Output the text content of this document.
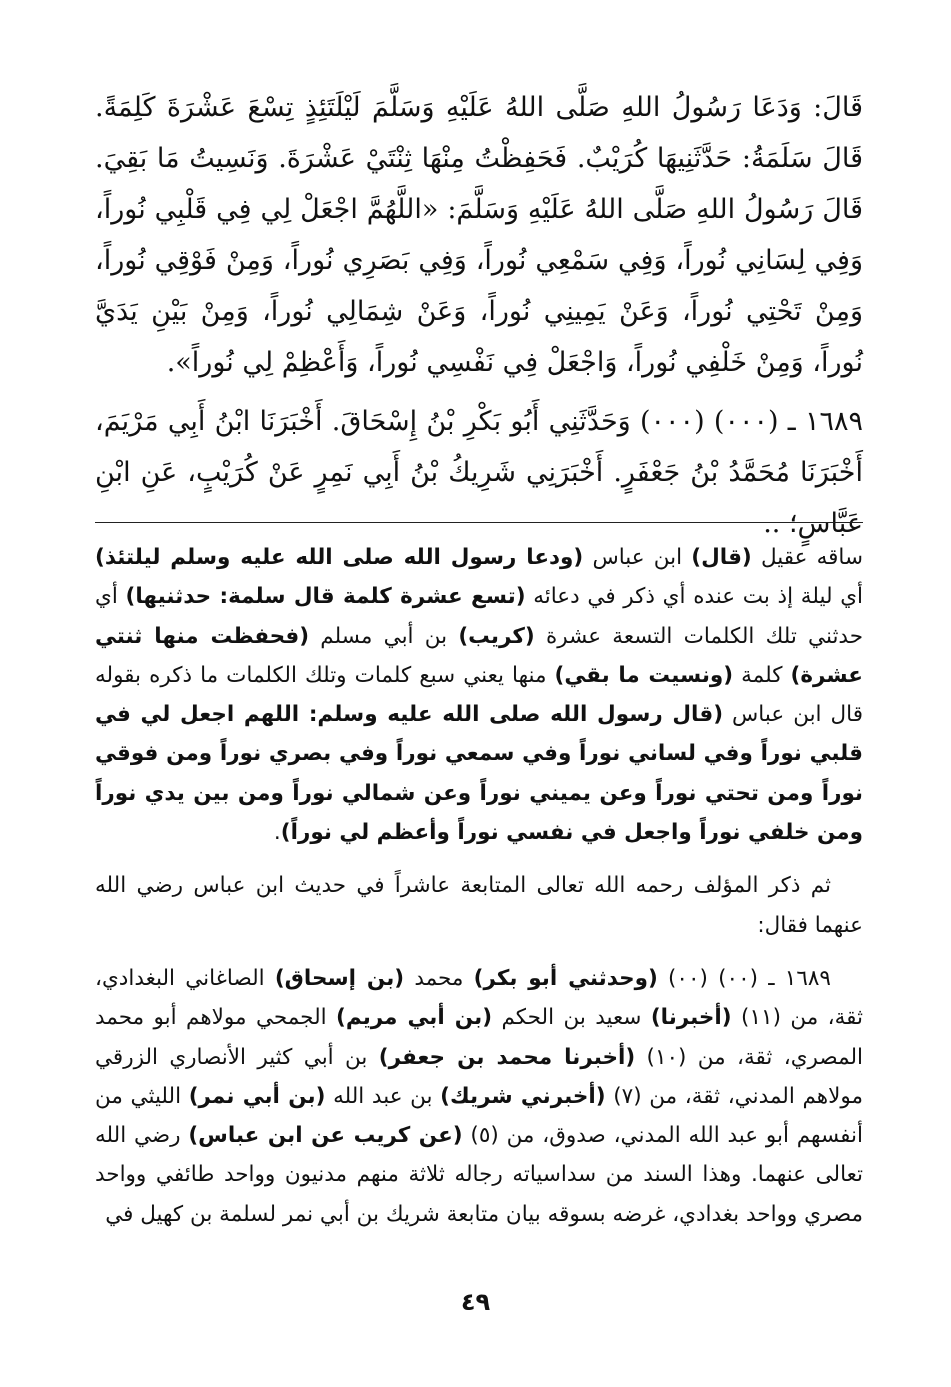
قَالَ: وَدَعَا رَسُولُ اللهِ صَلَّى اللهُ عَلَيْهِ وَسَلَّمَ لَيْلَتَئِذٍ تِسْعَ عَشْرَةَ كَلِمَةً. قَالَ سَلَمَةُ: حَدَّثَنِيهَا كُرَيْبٌ. فَحَفِظْتُ مِنْهَا ثِنْتَيْ عَشْرَةَ. وَنَسِيتُ مَا بَقِيَ. قَالَ رَسُولُ اللهِ صَلَّى اللهُ عَلَيْهِ وَسَلَّمَ: «اللَّهُمَّ اجْعَلْ لِي فِي قَلْبِي نُوراً، وَفِي لِسَانِي نُوراً، وَفِي سَمْعِي نُوراً، وَفِي بَصَرِي نُوراً، وَمِنْ فَوْقِي نُوراً، وَمِنْ تَحْتِي نُوراً، وَعَنْ يَمِينِي نُوراً، وَعَنْ شِمَالِي نُوراً، وَمِنْ بَيْنِ يَدَيَّ نُوراً، وَمِنْ خَلْفِي نُوراً، وَاجْعَلْ فِي نَفْسِي نُوراً، وَأَعْظِمْ لِي نُوراً».

١٦٨٩ ـ (٠٠٠) (٠٠٠) وَحَدَّثَنِي أَبُو بَكْرِ بْنُ إِسْحَاقَ. أَخْبَرَنَا ابْنُ أَبِي مَرْيَمَ، أَخْبَرَنَا مُحَمَّدُ بْنُ جَعْفَرٍ. أَخْبَرَنِي شَرِيكُ بْنُ أَبِي نَمِرٍ عَنْ كُرَيْبٍ، عَنِ ابْنِ عَبَّاسٍ؛ ..

ساقه عقيل (قال) ابن عباس (ودعا رسول الله صلى الله عليه وسلم ليلتئذ) أي ليلة إذ بت عنده أي ذكر في دعائه (تسع عشرة كلمة قال سلمة: حدثنيها) أي حدثني تلك الكلمات التسعة عشرة (كريب) بن أبي مسلم (فحفظت منها ثنتي عشرة) كلمة (ونسيت ما بقي) منها يعني سبع كلمات وتلك الكلمات ما ذكره بقوله قال ابن عباس (قال رسول الله صلى الله عليه وسلم: اللهم اجعل لي في قلبي نوراً وفي لساني نوراً وفي سمعي نوراً وفي بصري نوراً ومن فوقي نوراً ومن تحتي نوراً وعن يميني نوراً وعن شمالي نوراً ومن بين يدي نوراً ومن خلفي نوراً واجعل في نفسي نوراً وأعظم لي نوراً).

ثم ذكر المؤلف رحمه الله تعالى المتابعة عاشراً في حديث ابن عباس رضي الله عنهما فقال:

١٦٨٩ ـ (٠٠) (٠٠) (وحدثني أبو بكر) محمد (بن إسحاق) الصاغاني البغدادي، ثقة، من (١١) (أخبرنا) سعيد بن الحكم (بن أبي مريم) الجمحي مولاهم أبو محمد المصري، ثقة، من (١٠) (أخبرنا محمد بن جعفر) بن أبي كثير الأنصاري الزرقي مولاهم المدني، ثقة، من (٧) (أخبرني شريك) بن عبد الله (بن أبي نمر) الليثي من أنفسهم أبو عبد الله المدني، صدوق، من (٥) (عن كريب عن ابن عباس) رضي الله تعالى عنهما. وهذا السند من سداسياته رجاله ثلاثة منهم مدنيون وواحد طائفي وواحد مصري وواحد بغدادي، غرضه بسوقه بيان متابعة شريك بن أبي نمر لسلمة بن كهيل في

٤٩
